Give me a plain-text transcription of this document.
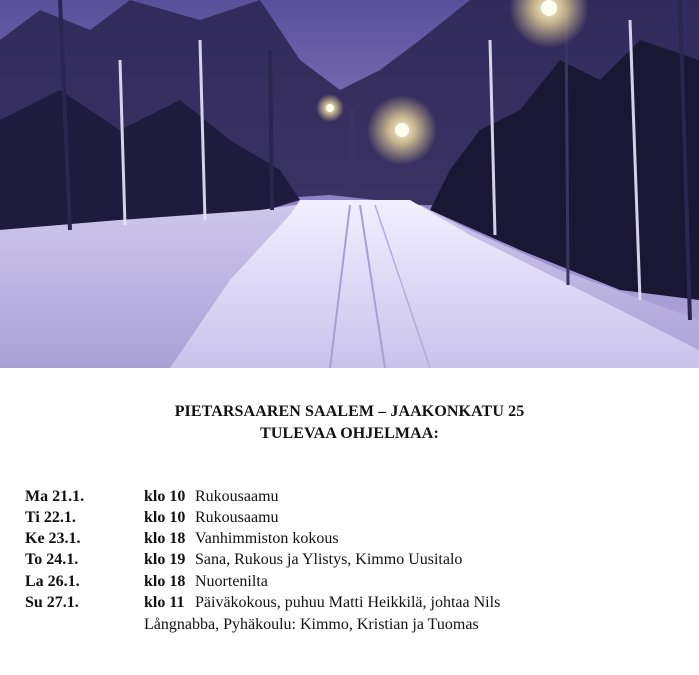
PIETARSAAREN SAALEM – JAAKONKATU 25
TULEVAA OHJELMAA:
Ma 21.1.	klo 10 Rukousaamu
Ti 22.1.	klo 10 Rukousaamu
Ke 23.1.	klo 18 Vanhimmiston kokous
To 24.1.	klo 19 Sana, Rukous ja Ylistys, Kimmo Uusitalo
La 26.1.	klo 18 Nuortenilta
Su 27.1.	klo 11 Päiväkokous, puhuu Matti Heikkilä, johtaa Nils
Långnabba, Pyhäkoulu: Kimmo, Kristian ja Tuomas
